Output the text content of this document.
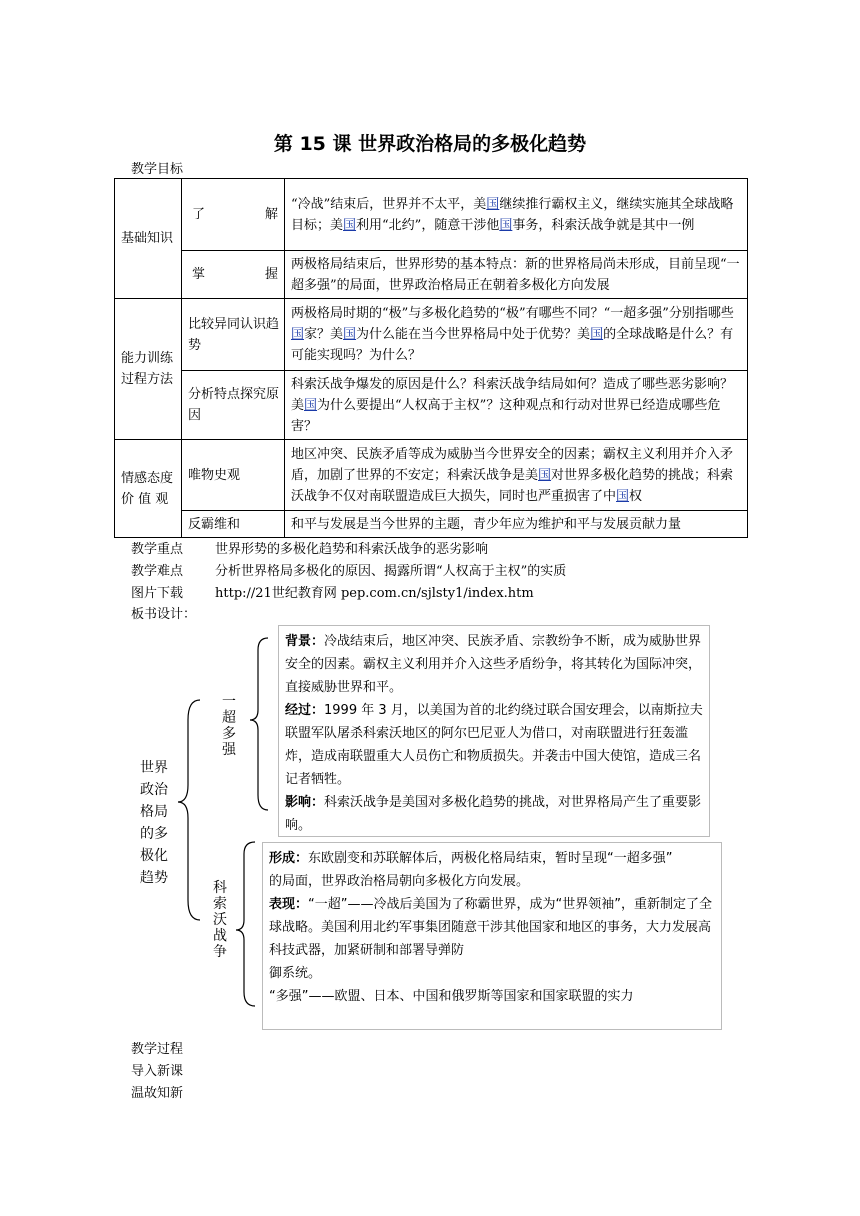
第 15 课 世界政治格局的多极化趋势
教学目标
基础知识	了 解	“冷战”结束后，世界并不太平，美国继续推行霸权主义，继续实施其全球战略目标；美国利用“北约”，随意干涉他国事务，科索沃战争就是其中一例

	掌 握	两极格局结束后，世界形势的基本特点：新的世界格局尚未形成，目前呈现“一超多强”的局面，世界政治格局正在朝着多极化方向发展
能力训练过程方法	比较异同认识趋势	两极格局时期的“极”与多极化趋势的“极”有哪些不同？“一超多强”分别指哪些国家？美国为什么能在当今世界格局中处于优势？美国的全球战略是什么？有可能实现吗？为什么？
	分析特点探究原因	科索沃战争爆发的原因是什么？科索沃战争结局如何？造成了哪些恶劣影响？美国为什么要提出“人权高于主权”？这种观点和行动对世界已经造成哪些危害？
情感态度价 值 观	唯物史观	地区冲突、民族矛盾等成为威胁当今世界安全的因素；霸权主义利用并介入矛盾，加剧了世界的不安定；科索沃战争是美国对世界多极化趋势的挑战；科索沃战争不仅对南联盟造成巨大损失，同时也严重损害了中国权
	反霸维和	和平与发展是当今世界的主题，青少年应为维护和平与发展贡献力量
教学重点 世界形势的多极化趋势和科索沃战争的恶劣影响
教学难点 分析世界格局多极化的原因、揭露所谓“人权高于主权”的实质
图片下载 http://21世纪教育网 pep.com.cn/sjlsty1/index.htm
板书设计：
世界政治格局的多极化趋势
一超多强
科索沃战争
背景：冷战结束后，地区冲突、民族矛盾、宗教纷争不断，成为威胁世界安全的因素。霸权主义利用并介入这些矛盾纷争，将其转化为国际冲突，直接威胁世界和平。
经过：1999 年 3 月，以美国为首的北约绕过联合国安理会，以南斯拉夫联盟军队屠杀科索沃地区的阿尔巴尼亚人为借口，对南联盟进行狂轰滥炸，造成南联盟重大人员伤亡和物质损失。并袭击中国大使馆，造成三名记者牺牲。
影响：科索沃战争是美国对多极化趋势的挑战，对世界格局产生了重要影响。
形成：东欧剧变和苏联解体后，两极化格局结束，暂时呈现“一超多强”
的局面，世界政治格局朝向多极化方向发展。
表现：“一超”——冷战后美国为了称霸世界，成为“世界领袖”，重新制定了全球战略。美国利用北约军事集团随意干涉其他国家和地区的事务，大力发展高科技武器，加紧研制和部署导弹防
御系统。
“多强”——欧盟、日本、中国和俄罗斯等国家和国家联盟的实力
教学过程
导入新课
温故知新
